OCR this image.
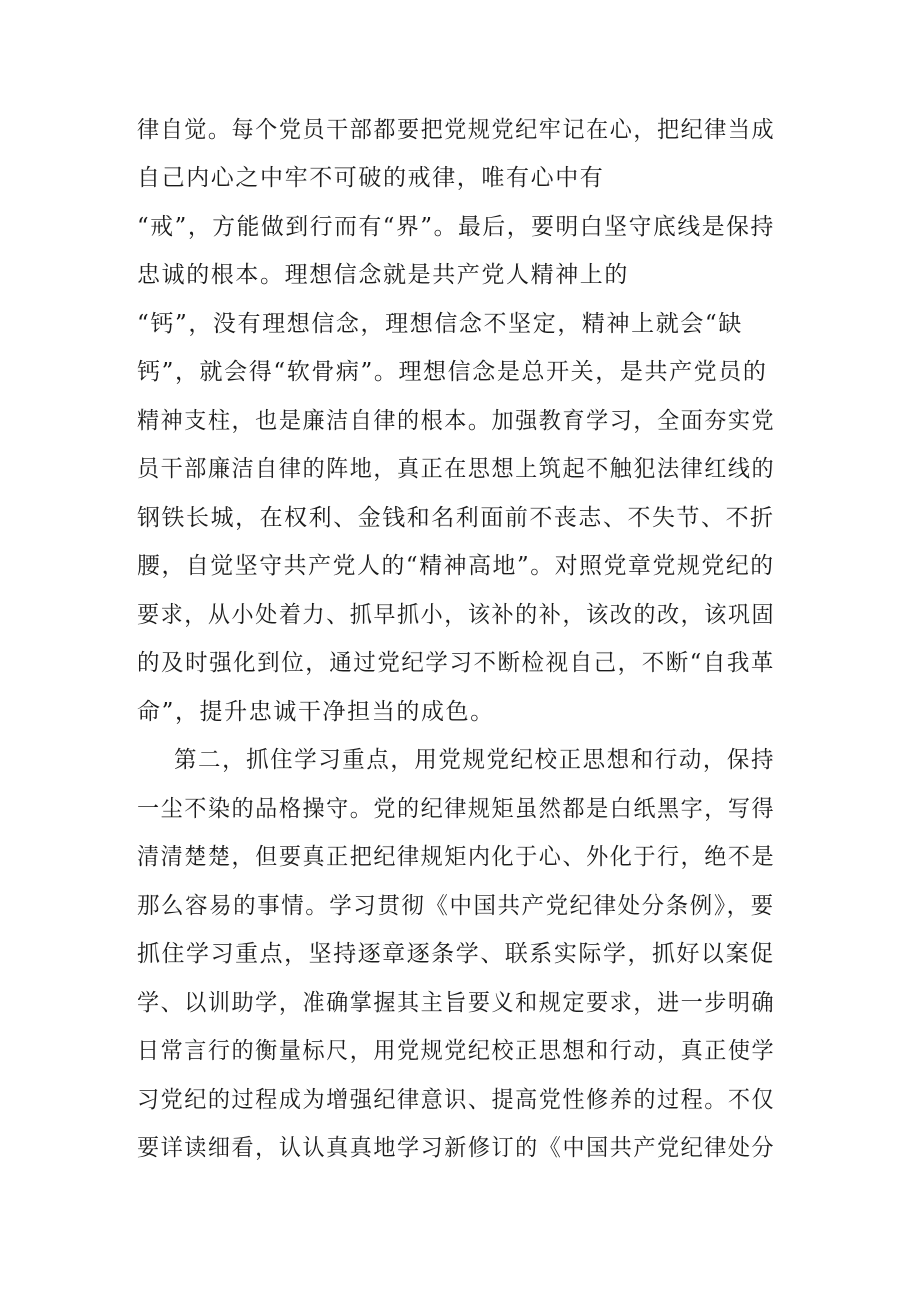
律自觉。每个党员干部都要把党规党纪牢记在心，把纪律当成
自己内心之中牢不可破的戒律，唯有心中有
“戒”，方能做到行而有“界”。最后，要明白坚守底线是保持
忠诚的根本。理想信念就是共产党人精神上的
“钙”，没有理想信念，理想信念不坚定，精神上就会“缺
钙”，就会得“软骨病”。理想信念是总开关，是共产党员的
精神支柱，也是廉洁自律的根本。加强教育学习，全面夯实党
员干部廉洁自律的阵地，真正在思想上筑起不触犯法律红线的
钢铁长城，在权利、金钱和名利面前不丧志、不失节、不折
腰，自觉坚守共产党人的“精神高地”。对照党章党规党纪的
要求，从小处着力、抓早抓小，该补的补，该改的改，该巩固
的及时强化到位，通过党纪学习不断检视自己，不断“自我革
命”，提升忠诚干净担当的成色。
第二，抓住学习重点，用党规党纪校正思想和行动，保持
一尘不染的品格操守。党的纪律规矩虽然都是白纸黑字，写得
清清楚楚，但要真正把纪律规矩内化于心、外化于行，绝不是
那么容易的事情。学习贯彻《中国共产党纪律处分条例》，要
抓住学习重点，坚持逐章逐条学、联系实际学，抓好以案促
学、以训助学，准确掌握其主旨要义和规定要求，进一步明确
日常言行的衡量标尺，用党规党纪校正思想和行动，真正使学
习党纪的过程成为增强纪律意识、提高党性修养的过程。不仅
要详读细看，认认真真地学习新修订的《中国共产党纪律处分
